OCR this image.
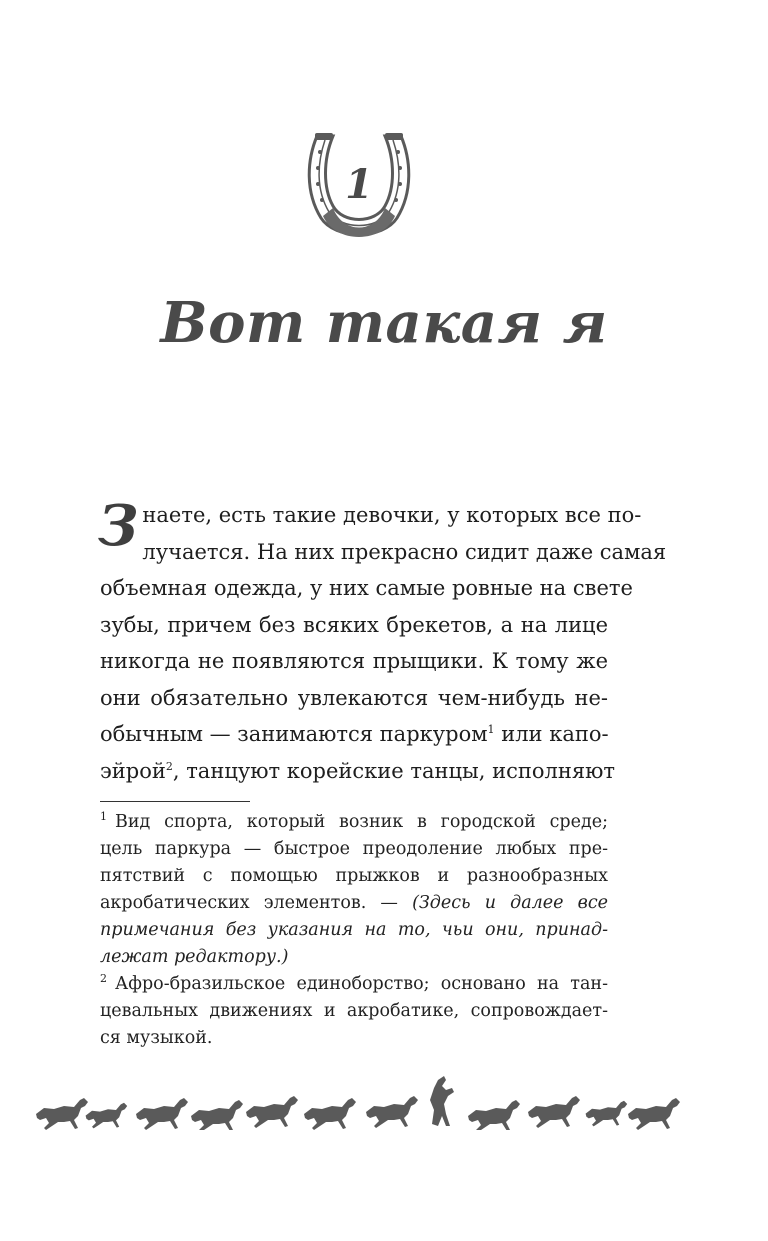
1
Вот такая я
З наете, есть такие девочки, у которых все по-
лучается. На них прекрасно сидит даже самая
объемная одежда, у них самые ровные на свете
зубы, причем без всяких брекетов, а на лице
никогда не появляются прыщики. К тому же
они обязательно увлекаются чем-нибудь не-
обычным — занимаются паркуром$^1$ или капо-
эйрой$^2$, танцуют корейские танцы, исполняют
$^1$ Вид спорта, который возник в городской среде;
цель паркура — быстрое преодоление любых пре-
пятствий с помощью прыжков и разнообразных
акробатических элементов. — (Здесь и далее все
примечания без указания на то, чьи они, принад-
лежат редактору.)
$^2$ Афро-бразильское единоборство; основано на тан-
цевальных движениях и акробатике, сопровождает-
ся музыкой.
